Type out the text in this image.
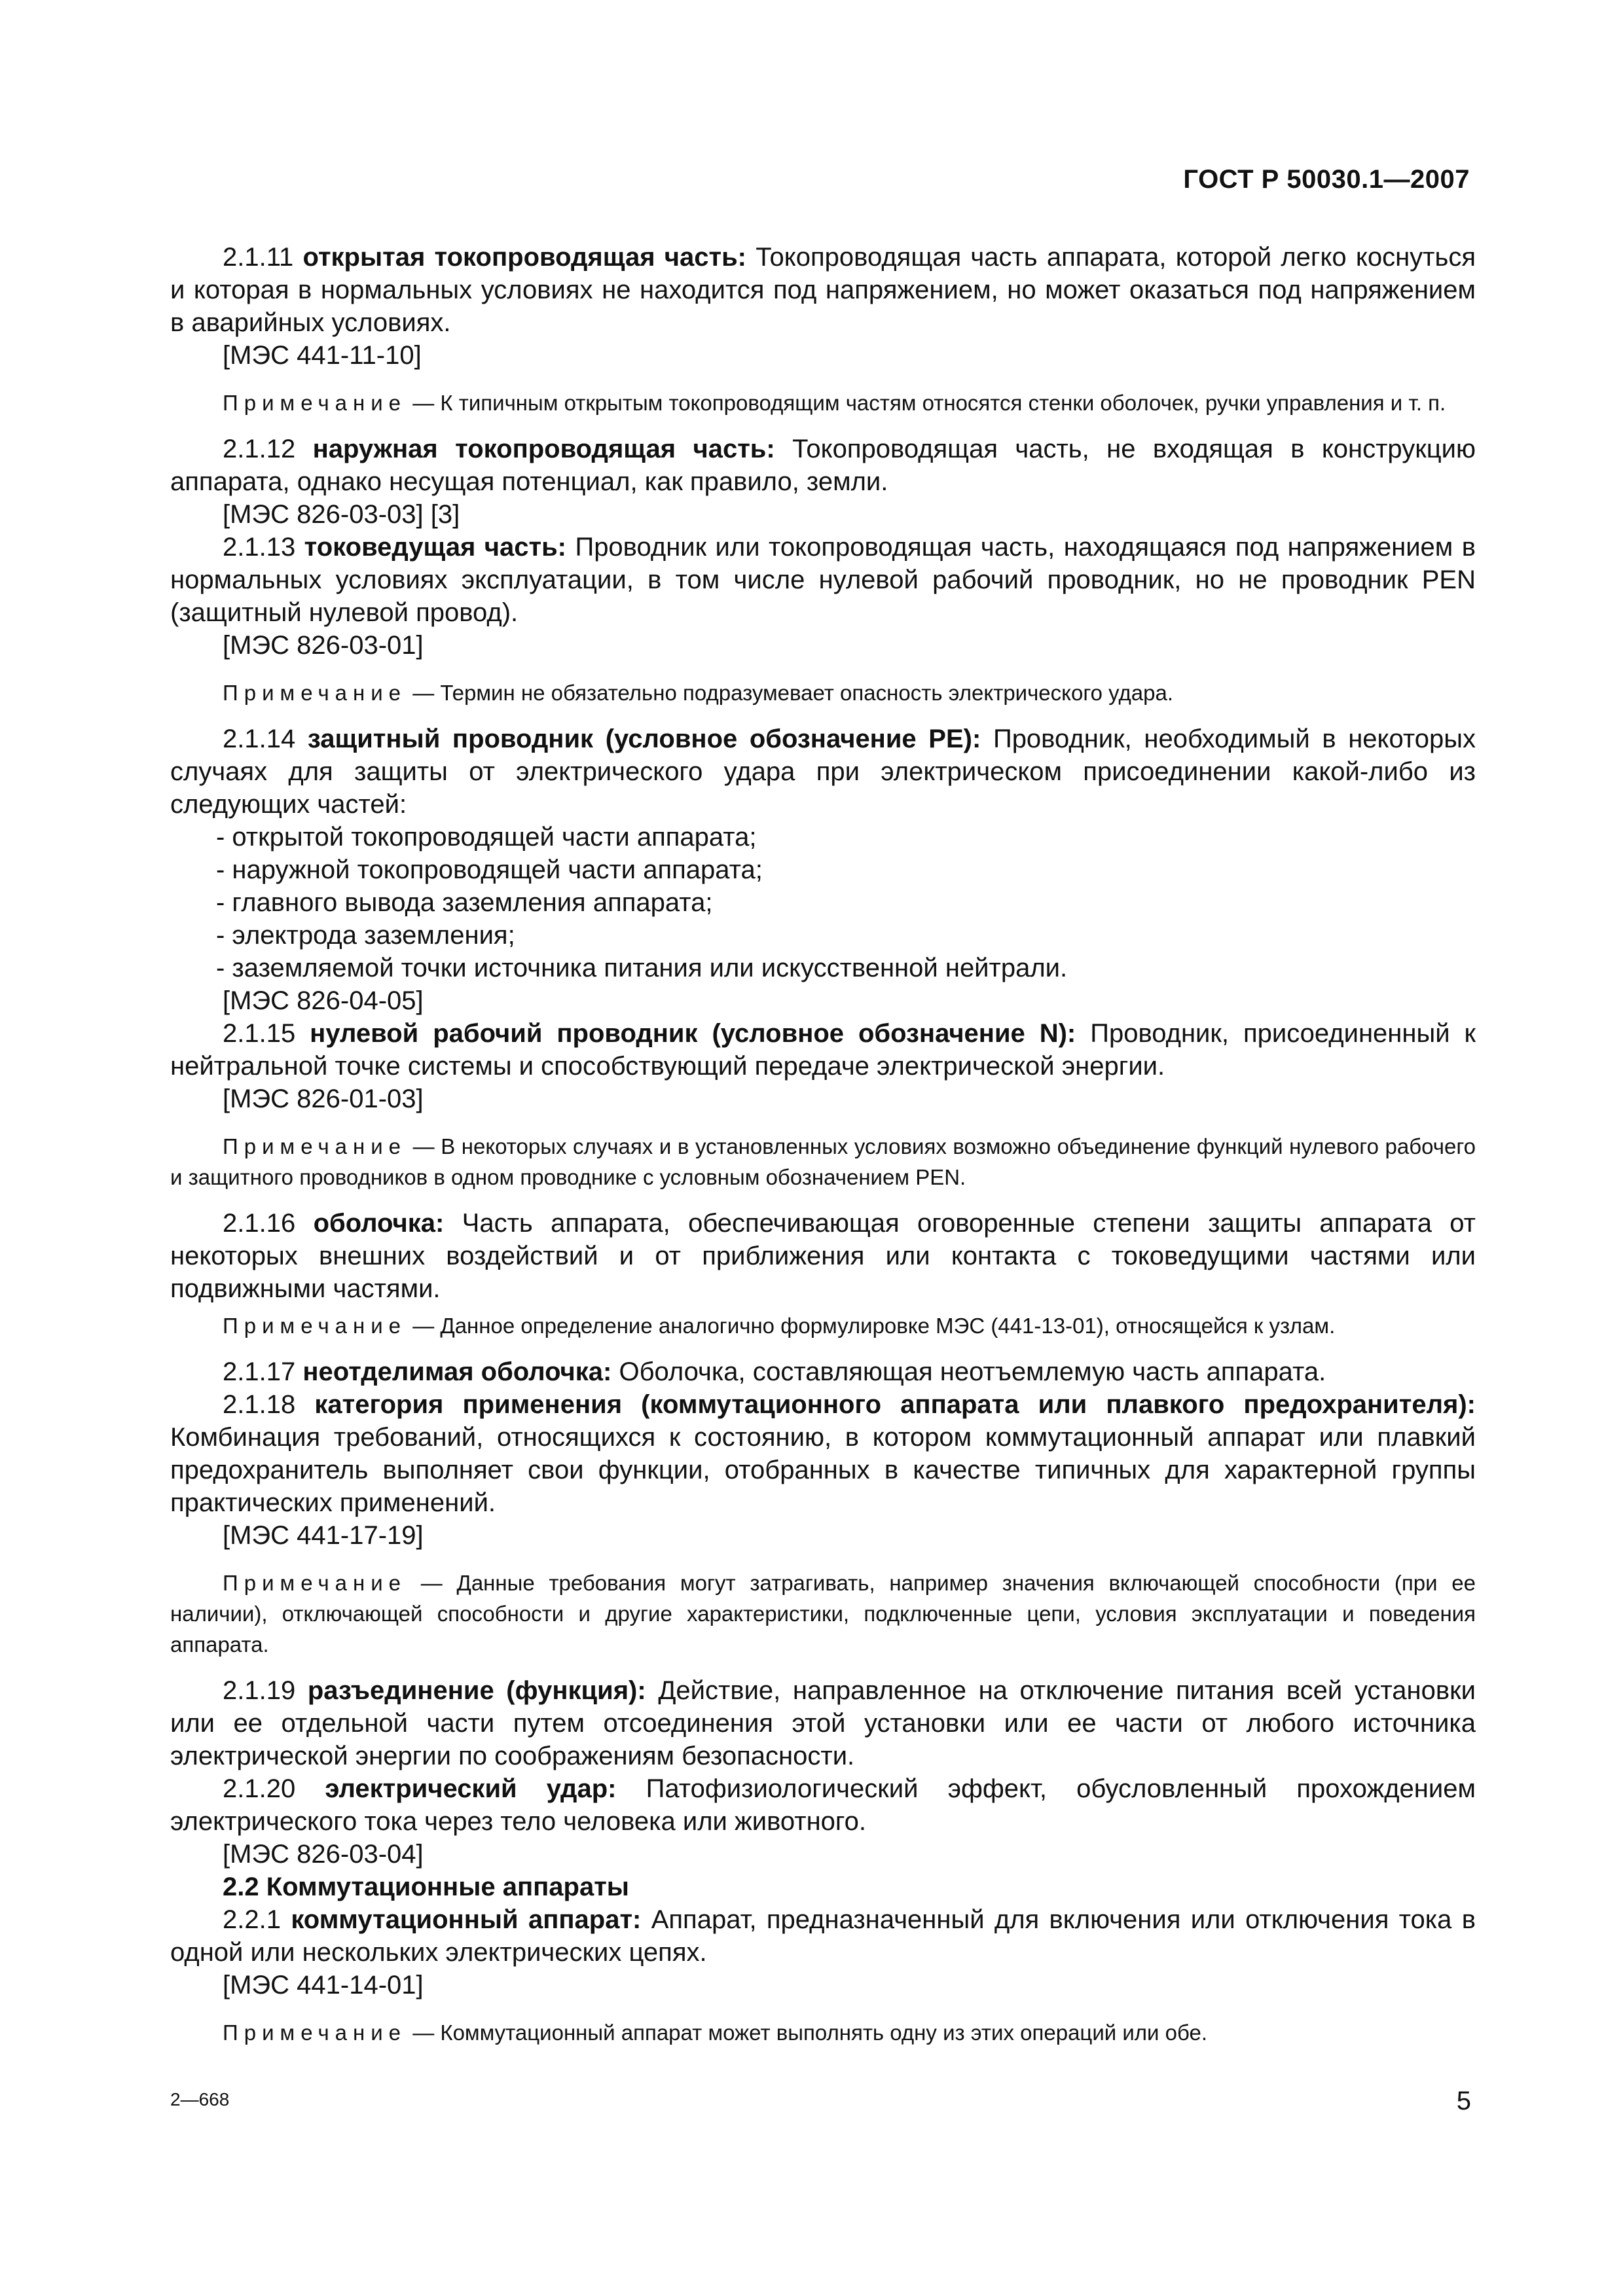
ГОСТ Р 50030.1—2007

2.1.11 открытая токопроводящая часть: Токопроводящая часть аппарата, которой легко коснуться и которая в нормальных условиях не находится под напряжением, но может оказаться под напряжением в аварийных условиях.

[МЭС 441-11-10]

Примечание — К типичным открытым токопроводящим частям относятся стенки оболочек, ручки управления и т. п.

2.1.12 наружная токопроводящая часть: Токопроводящая часть, не входящая в конструкцию аппарата, однако несущая потенциал, как правило, земли.

[МЭС 826-03-03] [3]

2.1.13 токоведущая часть: Проводник или токопроводящая часть, находящаяся под напряжением в нормальных условиях эксплуатации, в том числе нулевой рабочий проводник, но не проводник PEN (защитный нулевой провод).

[МЭС 826-03-01]

Примечание — Термин не обязательно подразумевает опасность электрического удара.

2.1.14 защитный проводник (условное обозначение РЕ): Проводник, необходимый в некоторых случаях для защиты от электрического удара при электрическом присоединении какой-либо из следующих частей:

- открытой токопроводящей части аппарата;

- наружной токопроводящей части аппарата;

- главного вывода заземления аппарата;

- электрода заземления;

- заземляемой точки источника питания или искусственной нейтрали.

[МЭС 826-04-05]

2.1.15 нулевой рабочий проводник (условное обозначение N): Проводник, присоединенный к нейтральной точке системы и способствующий передаче электрической энергии.

[МЭС 826-01-03]

Примечание — В некоторых случаях и в установленных условиях возможно объединение функций нулевого рабочего и защитного проводников в одном проводнике с условным обозначением PEN.

2.1.16 оболочка: Часть аппарата, обеспечивающая оговоренные степени защиты аппарата от некоторых внешних воздействий и от приближения или контакта с токоведущими частями или подвижными частями.

Примечание — Данное определение аналогично формулировке МЭС (441-13-01), относящейся к узлам.

2.1.17 неотделимая оболочка: Оболочка, составляющая неотъемлемую часть аппарата.

2.1.18 категория применения (коммутационного аппарата или плавкого предохранителя): Комбинация требований, относящихся к состоянию, в котором коммутационный аппарат или плавкий предохранитель выполняет свои функции, отобранных в качестве типичных для характерной группы практических применений.

[МЭС 441-17-19]

Примечание — Данные требования могут затрагивать, например значения включающей способности (при ее наличии), отключающей способности и другие характеристики, подключенные цепи, условия эксплуатации и поведения аппарата.

2.1.19 разъединение (функция): Действие, направленное на отключение питания всей установки или ее отдельной части путем отсоединения этой установки или ее части от любого источника электрической энергии по соображениям безопасности.

2.1.20 электрический удар: Патофизиологический эффект, обусловленный прохождением электрического тока через тело человека или животного.

[МЭС 826-03-04]

2.2 Коммутационные аппараты

2.2.1 коммутационный аппарат: Аппарат, предназначенный для включения или отключения тока в одной или нескольких электрических цепях.

[МЭС 441-14-01]

Примечание — Коммутационный аппарат может выполнять одну из этих операций или обе.

2—668	5
